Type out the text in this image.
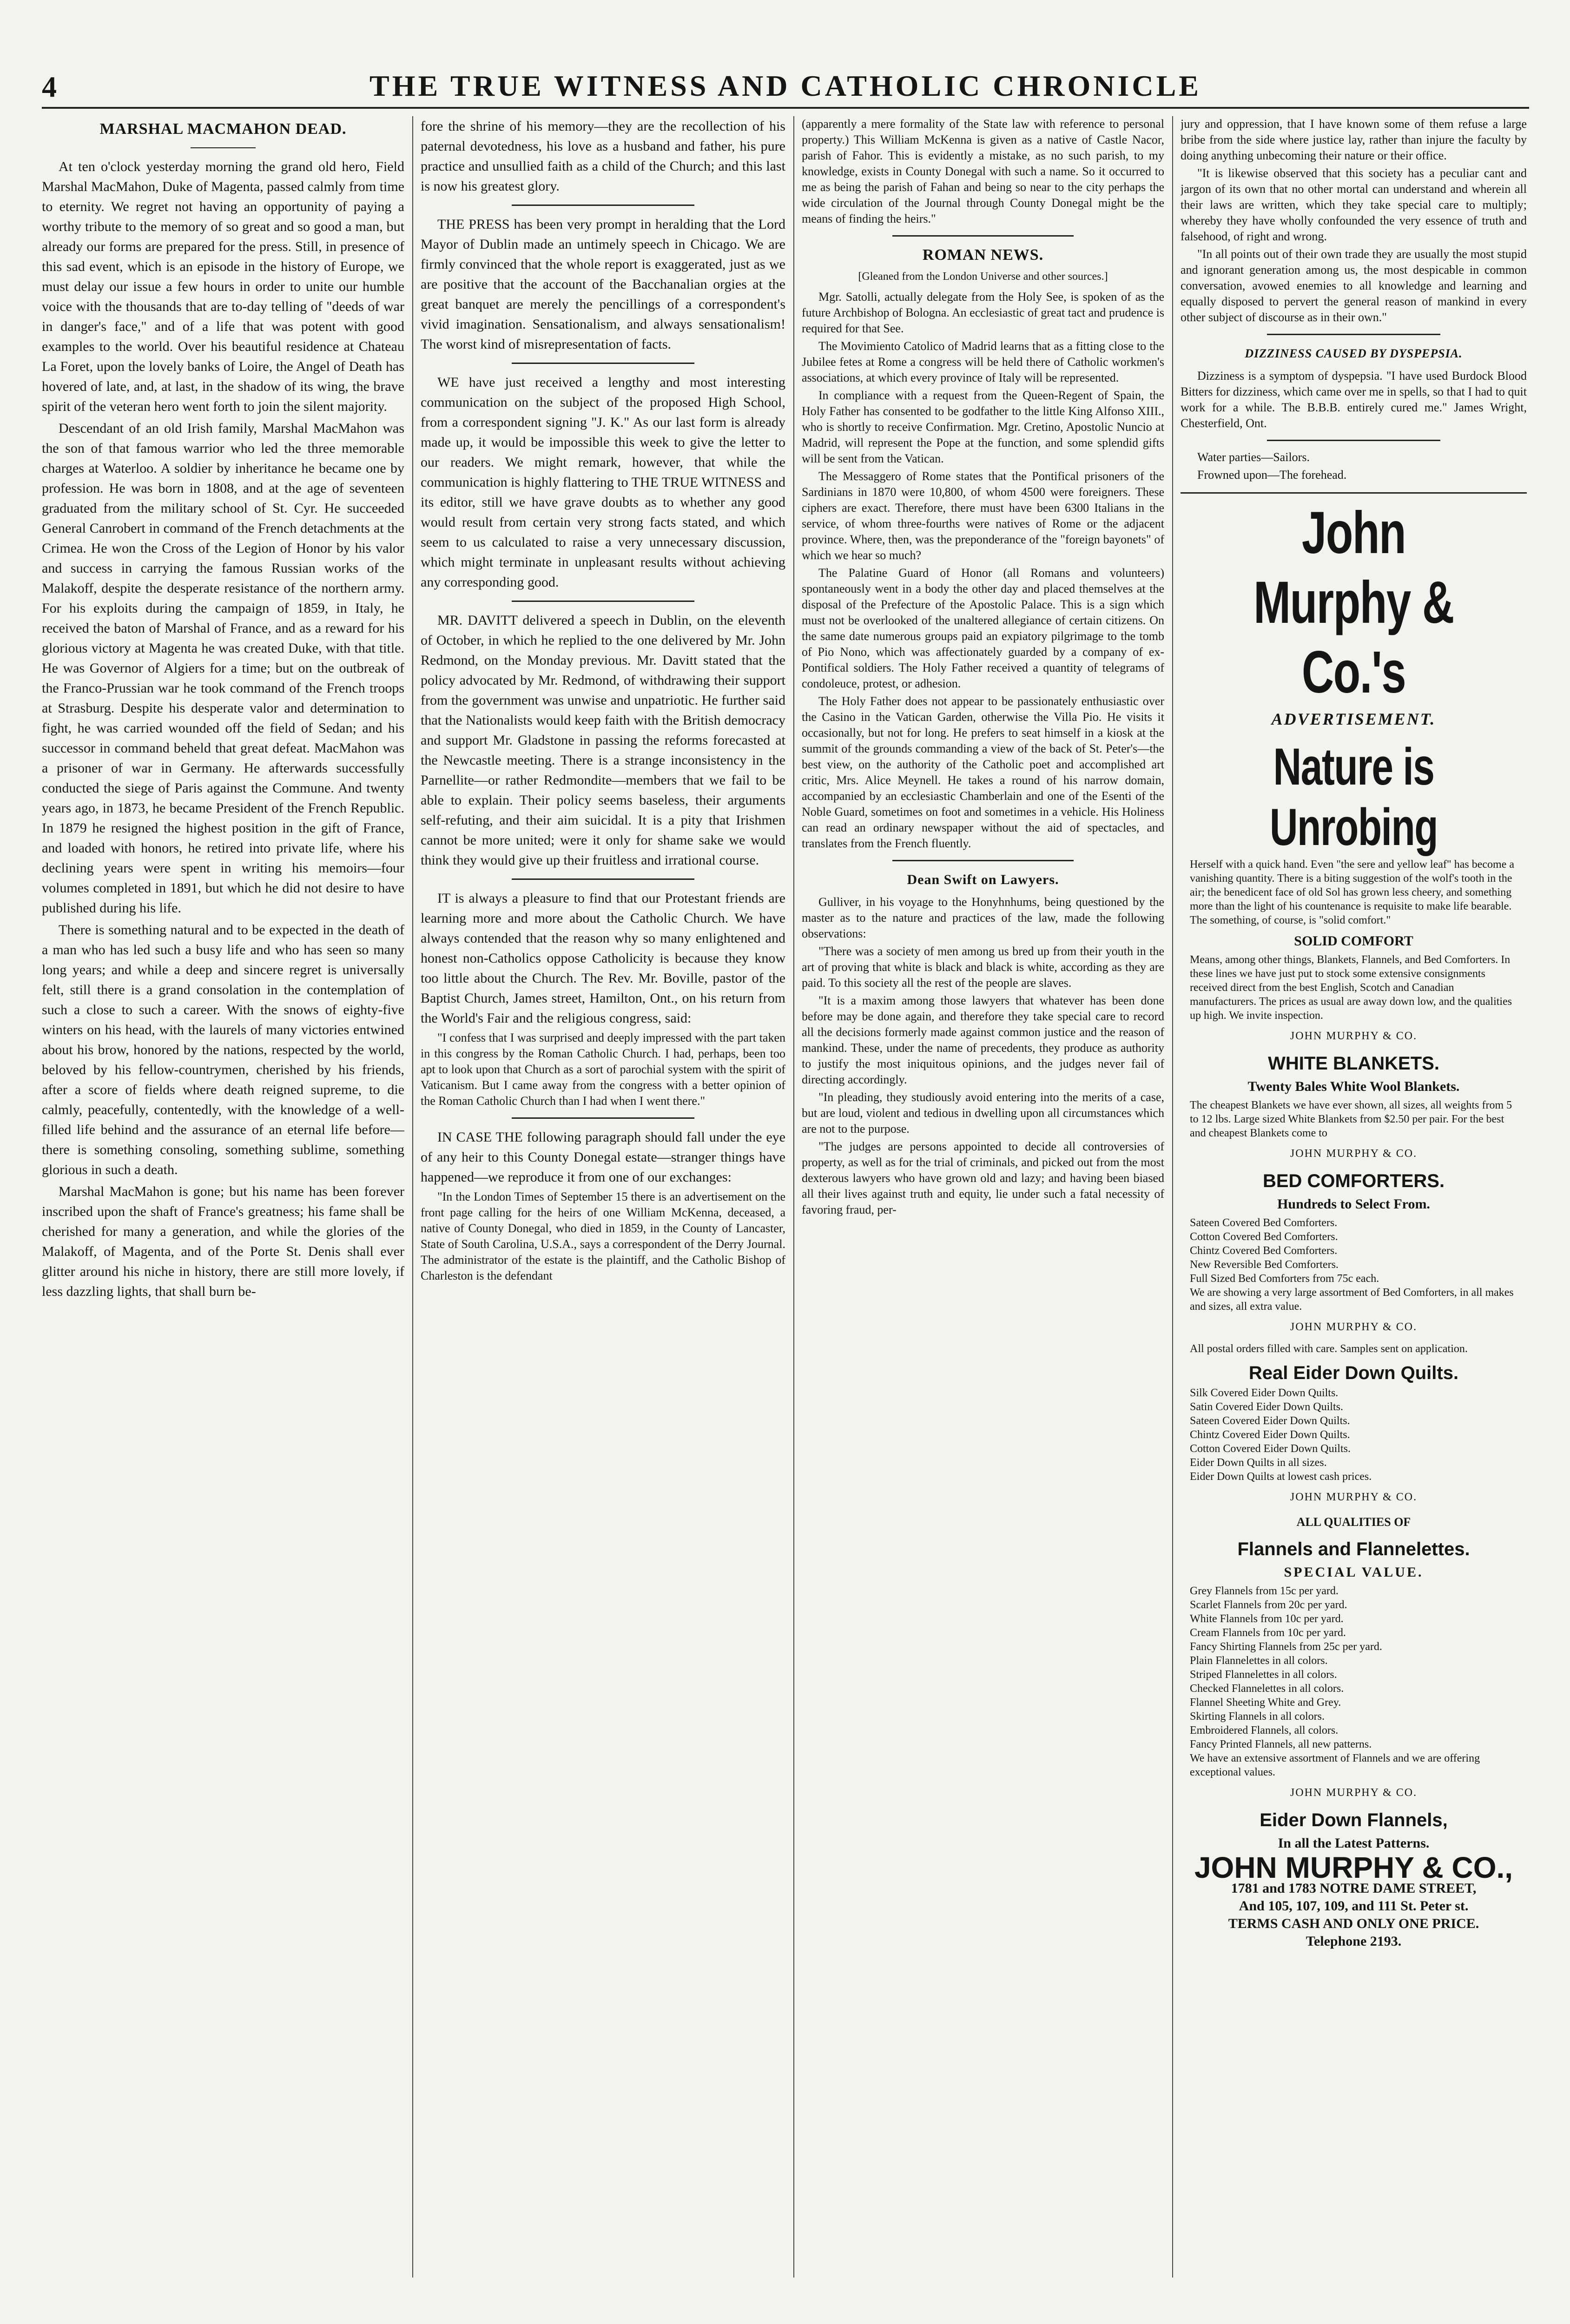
4	THE TRUE WITNESS AND CATHOLIC CHRONICLE
MARSHAL MACMAHON DEAD.

At ten o'clock yesterday morning the grand old hero, Field Marshal MacMahon, Duke of Magenta, passed calmly from time to eternity. We regret not having an opportunity of paying a worthy tribute to the memory of so great and so good a man, but already our forms are prepared for the press. Still, in presence of this sad event, which is an episode in the history of Europe, we must delay our issue a few hours in order to unite our humble voice with the thousands that are to-day telling of "deeds of war in danger's face," and of a life that was potent with good examples to the world. Over his beautiful residence at Chateau La Foret, upon the lovely banks of Loire, the Angel of Death has hovered of late, and, at last, in the shadow of its wing, the brave spirit of the veteran hero went forth to join the silent majority.

Descendant of an old Irish family, Marshal MacMahon was the son of that famous warrior who led the three memorable charges at Waterloo. A soldier by inheritance he became one by profession. He was born in 1808, and at the age of seventeen graduated from the military school of St. Cyr. He succeeded General Canrobert in command of the French detachments at the Crimea. He won the Cross of the Legion of Honor by his valor and success in carrying the famous Russian works of the Malakoff, despite the desperate resistance of the northern army. For his exploits during the campaign of 1859, in Italy, he received the baton of Marshal of France, and as a reward for his glorious victory at Magenta he was created Duke, with that title. He was Governor of Algiers for a time; but on the outbreak of the Franco-Prussian war he took command of the French troops at Strasburg. Despite his desperate valor and determination to fight, he was carried wounded off the field of Sedan; and his successor in command beheld that great defeat. MacMahon was a prisoner of war in Germany. He afterwards successfully conducted the siege of Paris against the Commune. And twenty years ago, in 1873, he became President of the French Republic. In 1879 he resigned the highest position in the gift of France, and loaded with honors, he retired into private life, where his declining years were spent in writing his memoirs—four volumes completed in 1891, but which he did not desire to have published during his life.

There is something natural and to be expected in the death of a man who has led such a busy life and who has seen so many long years; and while a deep and sincere regret is universally felt, still there is a grand consolation in the contemplation of such a close to such a career. With the snows of eighty-five winters on his head, with the laurels of many victories entwined about his brow, honored by the nations, respected by the world, beloved by his fellow-countrymen, cherished by his friends, after a score of fields where death reigned supreme, to die calmly, peacefully, contentedly, with the knowledge of a well-filled life behind and the assurance of an eternal life before—there is something consoling, something sublime, something glorious in such a death.

Marshal MacMahon is gone; but his name has been forever inscribed upon the shaft of France's greatness; his fame shall be cherished for many a generation, and while the glories of the Malakoff, of Magenta, and of the Porte St. Denis shall ever glitter around his niche in history, there are still more lovely, if less dazzling lights, that shall burn be-

fore the shrine of his memory—they are the recollection of his paternal devotedness, his love as a husband and father, his pure practice and unsullied faith as a child of the Church; and this last is now his greatest glory.

THE PRESS has been very prompt in heralding that the Lord Mayor of Dublin made an untimely speech in Chicago. We are firmly convinced that the whole report is exaggerated, just as we are positive that the account of the Bacchanalian orgies at the great banquet are merely the pencillings of a correspondent's vivid imagination. Sensationalism, and always sensationalism! The worst kind of misrepresentation of facts.

WE have just received a lengthy and most interesting communication on the subject of the proposed High School, from a correspondent signing "J. K." As our last form is already made up, it would be impossible this week to give the letter to our readers. We might remark, however, that while the communication is highly flattering to THE TRUE WITNESS and its editor, still we have grave doubts as to whether any good would result from certain very strong facts stated, and which seem to us calculated to raise a very unnecessary discussion, which might terminate in unpleasant results without achieving any corresponding good.

MR. DAVITT delivered a speech in Dublin, on the eleventh of October, in which he replied to the one delivered by Mr. John Redmond, on the Monday previous. Mr. Davitt stated that the policy advocated by Mr. Redmond, of withdrawing their support from the government was unwise and unpatriotic. He further said that the Nationalists would keep faith with the British democracy and support Mr. Gladstone in passing the reforms forecasted at the Newcastle meeting. There is a strange inconsistency in the Parnellite—or rather Redmondite—members that we fail to be able to explain. Their policy seems baseless, their arguments self-refuting, and their aim suicidal. It is a pity that Irishmen cannot be more united; were it only for shame sake we would think they would give up their fruitless and irrational course.

IT is always a pleasure to find that our Protestant friends are learning more and more about the Catholic Church. We have always contended that the reason why so many enlightened and honest non-Catholics oppose Catholicity is because they know too little about the Church. The Rev. Mr. Boville, pastor of the Baptist Church, James street, Hamilton, Ont., on his return from the World's Fair and the religious congress, said:

"I confess that I was surprised and deeply impressed with the part taken in this congress by the Roman Catholic Church. I had, perhaps, been too apt to look upon that Church as a sort of parochial system with the spirit of Vaticanism. But I came away from the congress with a better opinion of the Roman Catholic Church than I had when I went there."

IN CASE THE following paragraph should fall under the eye of any heir to this County Donegal estate—stranger things have happened—we reproduce it from one of our exchanges:

"In the London Times of September 15 there is an advertisement on the front page calling for the heirs of one William McKenna, deceased, a native of County Donegal, who died in 1859, in the County of Lancaster, State of South Carolina, U.S.A., says a correspondent of the Derry Journal. The administrator of the estate is the plaintiff, and the Catholic Bishop of Charleston is the defendant

(apparently a mere formality of the State law with reference to personal property.) This William McKenna is given as a native of Castle Nacor, parish of Fahor. This is evidently a mistake, as no such parish, to my knowledge, exists in County Donegal with such a name. So it occurred to me as being the parish of Fahan and being so near to the city perhaps the wide circulation of the Journal through County Donegal might be the means of finding the heirs."

ROMAN NEWS.
[Gleaned from the London Universe and other sources.]

Mgr. Satolli, actually delegate from the Holy See, is spoken of as the future Archbishop of Bologna. An ecclesiastic of great tact and prudence is required for that See.

The Movimiento Catolico of Madrid learns that as a fitting close to the Jubilee fetes at Rome a congress will be held there of Catholic workmen's associations, at which every province of Italy will be represented.

In compliance with a request from the Queen-Regent of Spain, the Holy Father has consented to be godfather to the little King Alfonso XIII., who is shortly to receive Confirmation. Mgr. Cretino, Apostolic Nuncio at Madrid, will represent the Pope at the function, and some splendid gifts will be sent from the Vatican.

The Messaggero of Rome states that the Pontifical prisoners of the Sardinians in 1870 were 10,800, of whom 4500 were foreigners. These ciphers are exact. Therefore, there must have been 6300 Italians in the service, of whom three-fourths were natives of Rome or the adjacent province. Where, then, was the preponderance of the "foreign bayonets" of which we hear so much?

The Palatine Guard of Honor (all Romans and volunteers) spontaneously went in a body the other day and placed themselves at the disposal of the Prefecture of the Apostolic Palace. This is a sign which must not be overlooked of the unaltered allegiance of certain citizens. On the same date numerous groups paid an expiatory pilgrimage to the tomb of Pio Nono, which was affectionately guarded by a company of ex-Pontifical soldiers. The Holy Father received a quantity of telegrams of condoleuce, protest, or adhesion.

The Holy Father does not appear to be passionately enthusiastic over the Casino in the Vatican Garden, otherwise the Villa Pio. He visits it occasionally, but not for long. He prefers to seat himself in a kiosk at the summit of the grounds commanding a view of the back of St. Peter's—the best view, on the authority of the Catholic poet and accomplished art critic, Mrs. Alice Meynell. He takes a round of his narrow domain, accompanied by an ecclesiastic Chamberlain and one of the Esenti of the Noble Guard, sometimes on foot and sometimes in a vehicle. His Holiness can read an ordinary newspaper without the aid of spectacles, and translates from the French fluently.

Dean Swift on Lawyers.

Gulliver, in his voyage to the Honyhnhums, being questioned by the master as to the nature and practices of the law, made the following observations:

"There was a society of men among us bred up from their youth in the art of proving that white is black and black is white, according as they are paid. To this society all the rest of the people are slaves.

"It is a maxim among those lawyers that whatever has been done before may be done again, and therefore they take special care to record all the decisions formerly made against common justice and the reason of mankind. These, under the name of precedents, they produce as authority to justify the most iniquitous opinions, and the judges never fail of directing accordingly.

"In pleading, they studiously avoid entering into the merits of a case, but are loud, violent and tedious in dwelling upon all circumstances which are not to the purpose.

"The judges are persons appointed to decide all controversies of property, as well as for the trial of criminals, and picked out from the most dexterous lawyers who have grown old and lazy; and having been biased all their lives against truth and equity, lie under such a fatal necessity of favoring fraud, per-

jury and oppression, that I have known some of them refuse a large bribe from the side where justice lay, rather than injure the faculty by doing anything unbecoming their nature or their office.

"It is likewise observed that this society has a peculiar cant and jargon of its own that no other mortal can understand and wherein all their laws are written, which they take special care to multiply; whereby they have wholly confounded the very essence of truth and falsehood, of right and wrong.

"In all points out of their own trade they are usually the most stupid and ignorant generation among us, the most despicable in common conversation, avowed enemies to all knowledge and learning and equally disposed to pervert the general reason of mankind in every other subject of discourse as in their own."

DIZZINESS CAUSED BY DYSPEPSIA.

Dizziness is a symptom of dyspepsia. "I have used Burdock Blood Bitters for dizziness, which came over me in spells, so that I had to quit work for a while. The B.B.B. entirely cured me." James Wright, Chesterfield, Ont.

Water parties—Sailors.

Frowned upon—The forehead.

John Murphy & Co.'s
ADVERTISEMENT.
Nature is Unrobing
Herself with a quick hand. Even "the sere and yellow leaf" has become a vanishing quantity. There is a biting suggestion of the wolf's tooth in the air; the benedicent face of old Sol has grown less cheery, and something more than the light of his countenance is requisite to make life bearable. The something, of course, is "solid comfort."
SOLID COMFORT
Means, among other things, Blankets, Flannels, and Bed Comforters. In these lines we have just put to stock some extensive consignments received direct from the best English, Scotch and Canadian manufacturers. The prices as usual are away down low, and the qualities up high. We invite inspection.
JOHN MURPHY & CO.
WHITE BLANKETS.
Twenty Bales White Wool Blankets.
The cheapest Blankets we have ever shown, all sizes, all weights from 5 to 12 lbs. Large sized White Blankets from $2.50 per pair. For the best and cheapest Blankets come to
JOHN MURPHY & CO.
BED COMFORTERS.
Hundreds to Select From.
Sateen Covered Bed Comforters.
Cotton Covered Bed Comforters.
Chintz Covered Bed Comforters.
New Reversible Bed Comforters.
Full Sized Bed Comforters from 75c each.
We are showing a very large assortment of Bed Comforters, in all makes and sizes, all extra value.
JOHN MURPHY & CO.
All postal orders filled with care. Samples sent on application.
Real Eider Down Quilts.
Silk Covered Eider Down Quilts.
Satin Covered Eider Down Quilts.
Sateen Covered Eider Down Quilts.
Chintz Covered Eider Down Quilts.
Cotton Covered Eider Down Quilts.
Eider Down Quilts in all sizes.
Eider Down Quilts at lowest cash prices.
JOHN MURPHY & CO.
ALL QUALITIES OF
Flannels and Flannelettes.
SPECIAL VALUE.
Grey Flannels from 15c per yard.
Scarlet Flannels from 20c per yard.
White Flannels from 10c per yard.
Cream Flannels from 10c per yard.
Fancy Shirting Flannels from 25c per yard.
Plain Flannelettes in all colors.
Striped Flannelettes in all colors.
Checked Flannelettes in all colors.
Flannel Sheeting White and Grey.
Skirting Flannels in all colors.
Embroidered Flannels, all colors.
Fancy Printed Flannels, all new patterns.
We have an extensive assortment of Flannels and we are offering exceptional values.
JOHN MURPHY & CO.
Eider Down Flannels,
In all the Latest Patterns.
JOHN MURPHY & CO.,
1781 and 1783 NOTRE DAME STREET,
And 105, 107, 109, and 111 St. Peter st.
TERMS CASH AND ONLY ONE PRICE.
Telephone 2193.
